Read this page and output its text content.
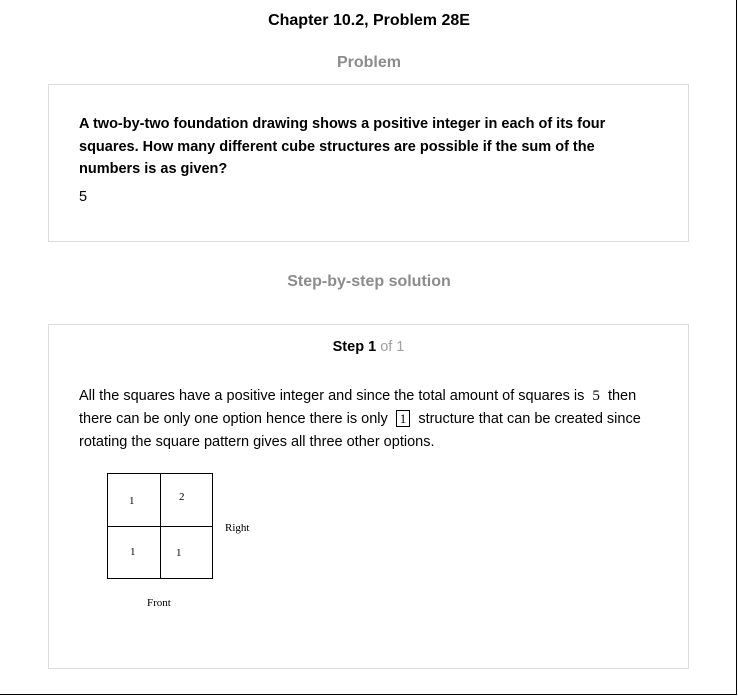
Chapter 10.2, Problem 28E
Problem
A two-by-two foundation drawing shows a positive integer in each of its four squares. How many different cube structures are possible if the sum of the numbers is as given?
5
Step-by-step solution
Step 1 of 1
All the squares have a positive integer and since the total amount of squares is 5 then there can be only one option hence there is only 1 structure that can be created since rotating the square pattern gives all three other options.
1	2
1	1
Right
Front
